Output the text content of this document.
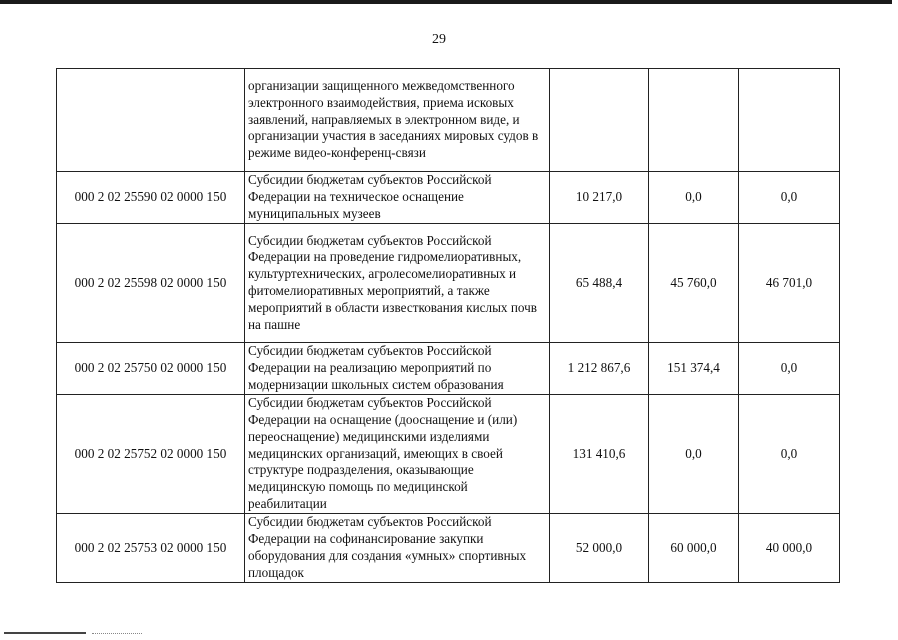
29
	организации защищенного межведомственного электронного взаимодействия, приема исковых заявлений, направляемых в электронном виде, и организации участия в заседаниях мировых судов в режиме видео-конференц-связи			
000 2 02 25590 02 0000 150	Субсидии бюджетам субъектов Российской Федерации на техническое оснащение муниципальных музеев	10 217,0	0,0	0,0
000 2 02 25598 02 0000 150	Субсидии бюджетам субъектов Российской Федерации на проведение гидромелиоративных, культуртехнических, агролесомелиоративных и фитомелиоративных мероприятий, а также мероприятий в области известкования кислых почв на пашне	65 488,4	45 760,0	46 701,0
000 2 02 25750 02 0000 150	Субсидии бюджетам субъектов Российской Федерации на реализацию мероприятий по модернизации школьных систем образования	1 212 867,6	151 374,4	0,0
000 2 02 25752 02 0000 150	Субсидии бюджетам субъектов Российской Федерации на оснащение (дооснащение и (или) переоснащение) медицинскими изделиями медицинских организаций, имеющих в своей структуре подразделения, оказывающие медицинскую помощь по медицинской реабилитации	131 410,6	0,0	0,0
000 2 02 25753 02 0000 150	Субсидии бюджетам субъектов Российской Федерации на софинансирование закупки оборудования для создания «умных» спортивных площадок	52 000,0	60 000,0	40 000,0
